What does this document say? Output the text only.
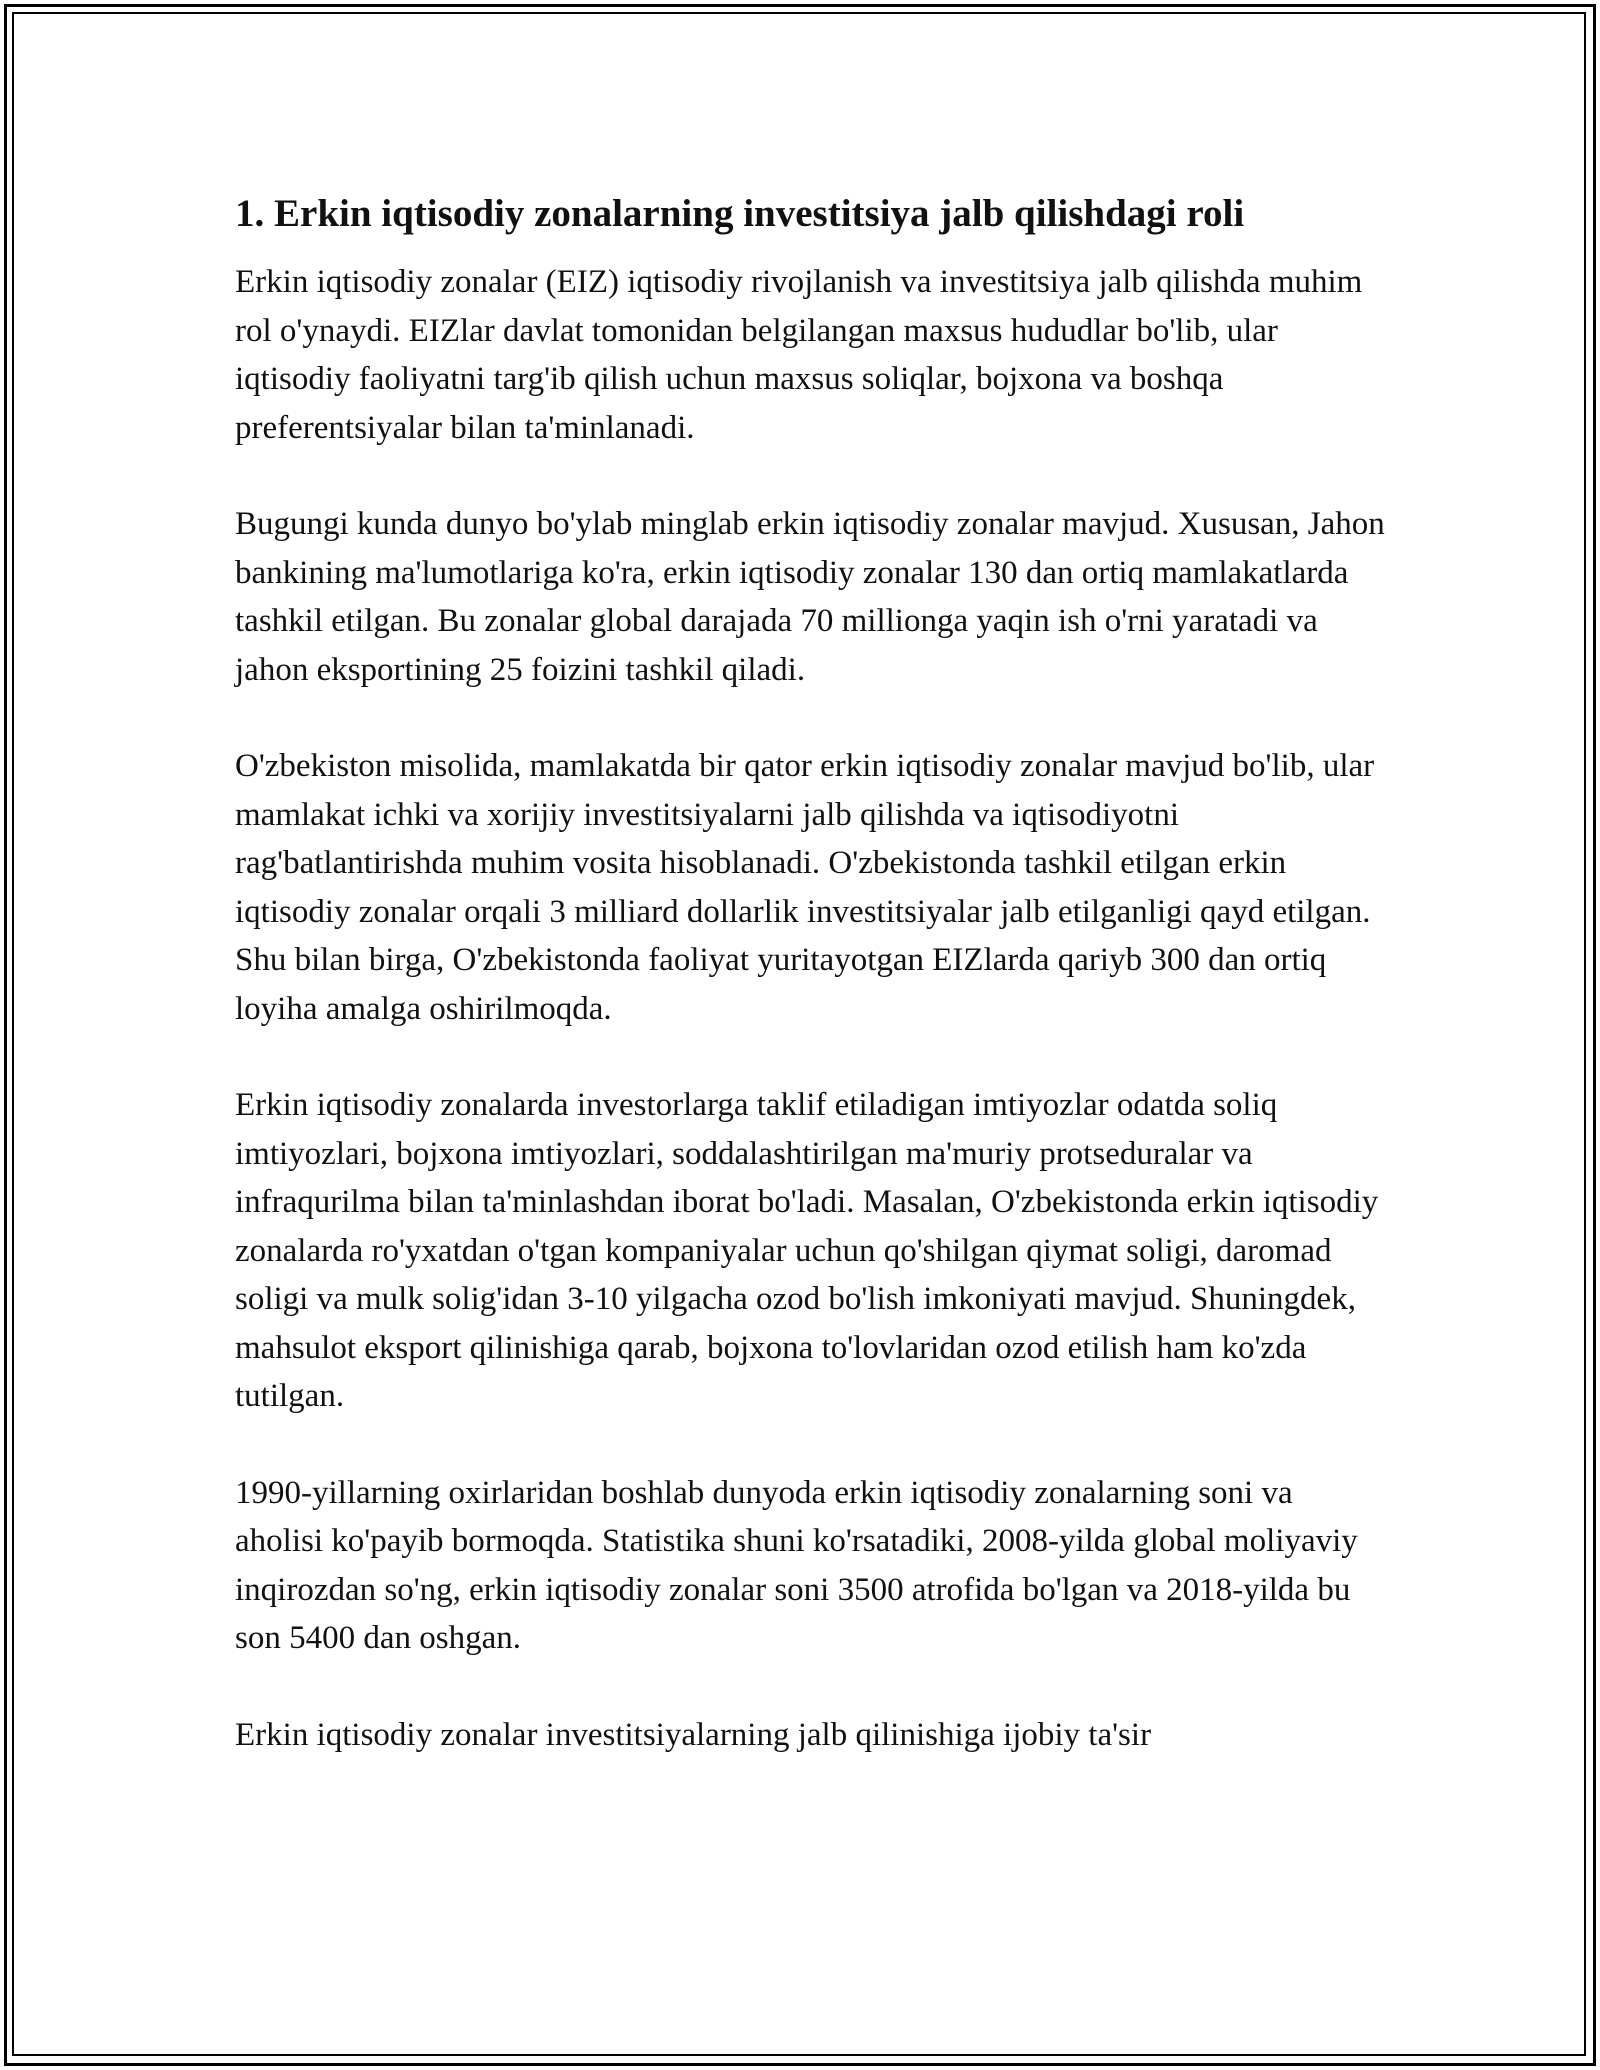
1. Erkin iqtisodiy zonalarning investitsiya jalb qilishdagi roli

Erkin iqtisodiy zonalar (EIZ) iqtisodiy rivojlanish va investitsiya jalb qilishda muhim rol o'ynaydi. EIZlar davlat tomonidan belgilangan maxsus hududlar bo'lib, ular iqtisodiy faoliyatni targ'ib qilish uchun maxsus soliqlar, bojxona va boshqa preferentsiyalar bilan ta'minlanadi.

Bugungi kunda dunyo bo'ylab minglab erkin iqtisodiy zonalar mavjud. Xususan, Jahon bankining ma'lumotlariga ko'ra, erkin iqtisodiy zonalar 130 dan ortiq mamlakatlarda tashkil etilgan. Bu zonalar global darajada 70 millionga yaqin ish o'rni yaratadi va jahon eksportining 25 foizini tashkil qiladi.

O'zbekiston misolida, mamlakatda bir qator erkin iqtisodiy zonalar mavjud bo'lib, ular mamlakat ichki va xorijiy investitsiyalarni jalb qilishda va iqtisodiyotni rag'batlantirishda muhim vosita hisoblanadi. O'zbekistonda tashkil etilgan erkin iqtisodiy zonalar orqali 3 milliard dollarlik investitsiyalar jalb etilganligi qayd etilgan. Shu bilan birga, O'zbekistonda faoliyat yuritayotgan EIZlarda qariyb 300 dan ortiq loyiha amalga oshirilmoqda.

Erkin iqtisodiy zonalarda investorlarga taklif etiladigan imtiyozlar odatda soliq imtiyozlari, bojxona imtiyozlari, soddalashtirilgan ma'muriy protseduralar va infraqurilma bilan ta'minlashdan iborat bo'ladi. Masalan, O'zbekistonda erkin iqtisodiy zonalarda ro'yxatdan o'tgan kompaniyalar uchun qo'shilgan qiymat soligi, daromad soligi va mulk solig'idan 3-10 yilgacha ozod bo'lish imkoniyati mavjud. Shuningdek, mahsulot eksport qilinishiga qarab, bojxona to'lovlaridan ozod etilish ham ko'zda tutilgan.

1990-yillarning oxirlaridan boshlab dunyoda erkin iqtisodiy zonalarning soni va aholisi ko'payib bormoqda. Statistika shuni ko'rsatadiki, 2008-yilda global moliyaviy inqirozdan so'ng, erkin iqtisodiy zonalar soni 3500 atrofida bo'lgan va 2018-yilda bu son 5400 dan oshgan.

Erkin iqtisodiy zonalar investitsiyalarning jalb qilinishiga ijobiy ta'sir
